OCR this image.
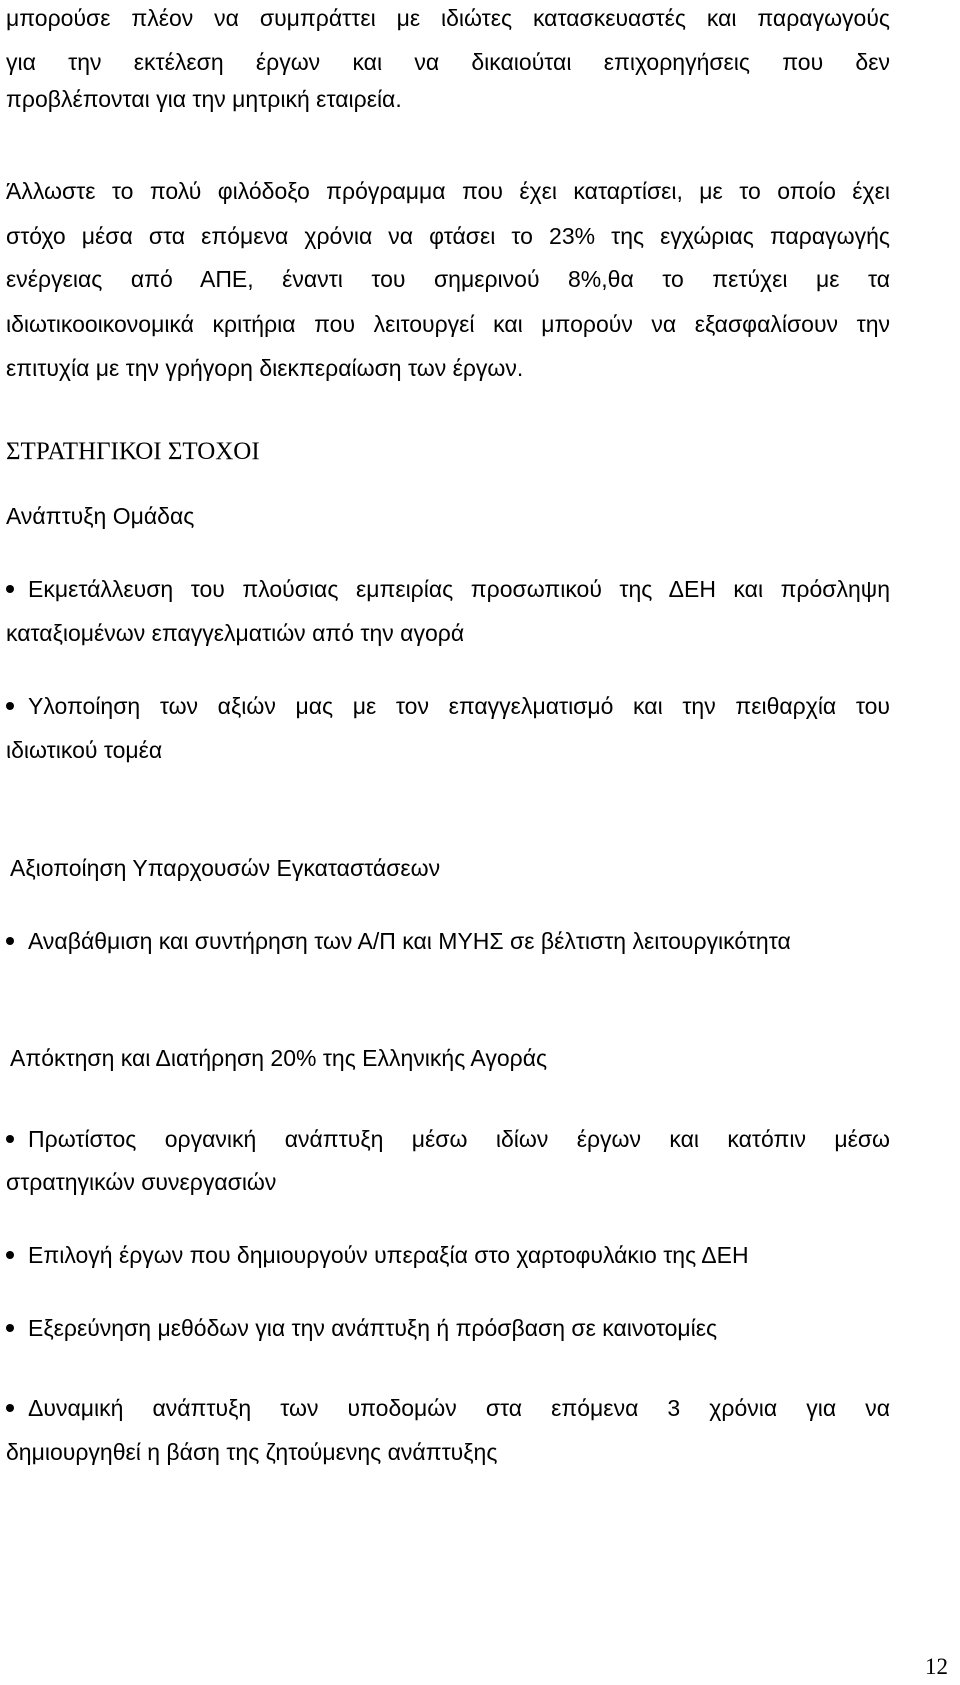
μπορούσε πλέον να συμπράττει με ιδιώτες κατασκευαστές και παραγωγούς

για την εκτέλεση έργων και να δικαιούται επιχορηγήσεις που δεν

προβλέπονται για την μητρική εταιρεία.

Άλλωστε το πολύ φιλόδοξο πρόγραμμα που έχει καταρτίσει, με το οποίο έχει

στόχο μέσα στα επόμενα χρόνια να φτάσει το 23% της εγχώριας παραγωγής

ενέργειας από ΑΠΕ, έναντι του σημερινού 8%,θα το πετύχει με τα

ιδιωτικοοικονομικά κριτήρια που λειτουργεί και μπορούν να εξασφαλίσουν την

επιτυχία με την γρήγορη διεκπεραίωση των έργων.

ΣΤΡΑΤΗΓΙΚΟΙ ΣΤΟΧΟΙ

Ανάπτυξη Ομάδας

Εκμετάλλευση του πλούσιας εμπειρίας προσωπικού της ΔΕΗ και πρόσληψη

καταξιομένων επαγγελματιών από την αγορά

Υλοποίηση των αξιών μας με τον επαγγελματισμό και την πειθαρχία του

ιδιωτικού τομέα

Αξιοποίηση Υπαρχουσών Εγκαταστάσεων

Αναβάθμιση και συντήρηση των Α/Π και ΜΥΗΣ σε βέλτιστη λειτουργικότητα

Απόκτηση και Διατήρηση 20% της Ελληνικής Αγοράς

Πρωτίστος οργανική ανάπτυξη μέσω ιδίων έργων και κατόπιν μέσω

στρατηγικών συνεργασιών

Επιλογή έργων που δημιουργούν υπεραξία στο χαρτοφυλάκιο της ΔΕΗ

Εξερεύνηση μεθόδων για την ανάπτυξη ή πρόσβαση σε καινοτομίες

Δυναμική ανάπτυξη των υποδομών στα επόμενα 3 χρόνια για να

δημιουργηθεί η βάση της ζητούμενης ανάπτυξης

12
